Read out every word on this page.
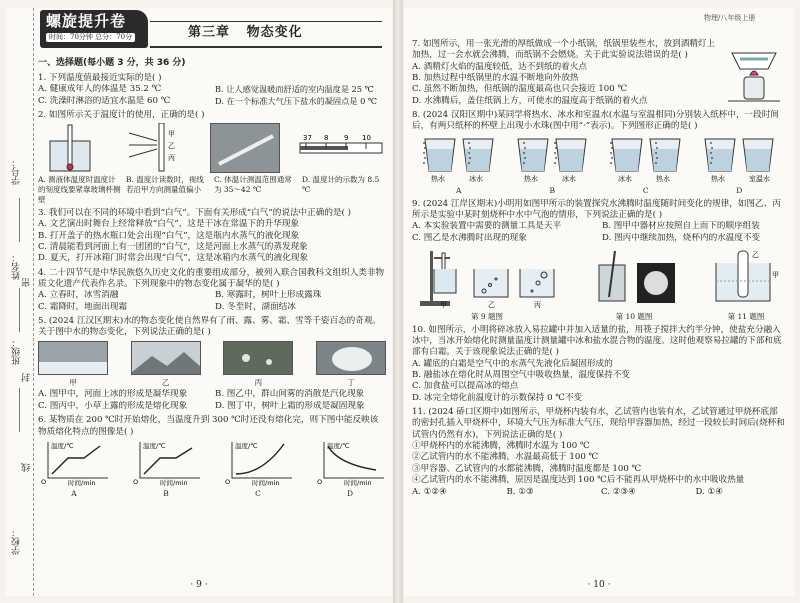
学号：
姓名：
班级：
学校：
密
封
线
螺旋提升卷
时间：70分钟 总分：70分	第三章 物态变化
一、选择题(每小题 3 分，共 36 分)
1. 下列温度值最接近实际的是( )
A. 健康成年人的体温是 35.2 ℃	B. 让人感觉温暖而舒适的室内温度是 25 ℃
C. 洗澡时淋浴的适宜水温是 60 ℃	D. 在一个标准大气压下盐水的凝固点是 0 ℃
2. 如图所示关于温度计的使用，正确的是( )
甲
乙
丙
37 8 9 10
A. 测液体温度时温度计的刻度线要紧靠玻璃杯侧壁
B. 温度计读数时，视线若沿甲方向测量值偏小
C. 体温计测温范围通常为 35～42 ℃
D. 温度计的示数为 8.5 ℃
3. 我们可以在不同的环境中看到“白气”。下面有关形成“白气”的说法中正确的是( )
A. 文艺演出时舞台上经常释放“白气”，这是干冰在常温下的升华现象
B. 打开盖子的热水瓶口处会出现“白气”，这是瓶内水蒸气的液化现象
C. 清晨能看到河面上有一团团的“白气”，这是河面上水蒸气的蒸发现象
D. 夏天，打开冰箱门时常会出现“白气”，这是冰箱内水蒸气的液化现象
4. 二十四节气是中华民族悠久历史文化的重要组成部分，被列入联合国教科文组织人类非物质文化遗产代表作名录。下列现象中的物态变化属于凝华的是( )
A. 立春时，冰雪消融	B. 寒露时，树叶上形成露珠
C. 霜降时，地面出现霜	D. 冬至时，湖面结冰
5. (2024 江汉区期末)水的物态变化使自然界有了雨、露、雾、霜、雪等千姿百态的奇观。关于图中水的物态变化，下列说法正确的是( )
甲	乙	丙	丁
A. 图甲中，河面上冰的形成是凝华现象	B. 图乙中，群山间雾的消散是汽化现象
C. 图丙中，小草上露的形成是熔化现象	D. 图丁中，树叶上霜的形成是凝固现象
6. 某物质在 200 ℃时开始熔化，当温度升到 300 ℃时还没有熔化完，则下图中能反映该物质熔化特点的图像是( )
温度/℃
O	时间/min
A
温度/℃
O	时间/min
B
温度/℃
O	时间/min
C
温度/℃
O	时间/min
D
· 9 ·
物理/八年级上册
7. 如图所示，用一张光滑的厚纸做成一个小纸锅，纸锅里装些水，放到酒精灯上加热，过一会水就会沸腾，而纸锅不会燃烧。关于此实验说法错误的是( )
A. 酒精灯火焰的温度较低，达不到纸的着火点
B. 加热过程中纸锅里的水温不断地向外放热
C. 虽然不断加热，但纸锅的温度最高也只会接近 100 ℃
D. 水沸腾后，盖住纸锅上方，可使水的温度高于纸锅的着火点
8. (2024 汉阳区期中)某同学将热水、冰水和室温水(水温与室温相同)分别装入纸杯中，一段时间后，有两只纸杯的杯壁上出现小水珠(图中用“·”表示)。下列图形正确的是( )
热水	冰水
A
热水	冰水
B
冰水	热水
C
热水	室温水
D
9. (2024 江岸区期末)小明用如图甲所示的装置探究水沸腾时温度随时间变化的规律，如图乙、丙所示是实验中某时刻烧杯中水中气泡的情形，下列说法正确的是( )
A. 本实验装置中需要的测量工具是天平	B. 图甲中器材应按照自上而下的顺序组装
C. 图乙是水沸腾时出现的现象	D. 图丙中继续加热，烧杯内的水温度不变
甲	乙	丙
第 9 题图	第 10 题图
乙
甲
第 11 题图
10. 如图所示，小明将碎冰放入易拉罐中并加入适量的盐，用筷子搅拌大约半分钟，使盐充分融入冰中，当冰开始熔化时测量温度计测量罐中冰和盐水混合物的温度。这时他观察易拉罐的下部和底部有白霜。关于该现象说法正确的是( )
A. 罐底的白霜是空气中的水蒸气先液化后凝固形成的
B. 融盐冰在熔化时从周围空气中吸收热量，温度保持不变
C. 加食盐可以提高冰的熔点
D. 冰完全熔化前温度计的示数保持 0 ℃不变
11. (2024 硚口区期中)如图所示，甲烧杯内装有水，乙试管内也装有水，乙试管通过甲烧杯底部的密封孔插入甲烧杯中，环境大气压为标准大气压，现给甲容器加热，经过一段较长时间后(烧杯和试管内仍然有水)，下列说法正确的是( )
①甲烧杯内的水能沸腾，沸腾时水温为 100 ℃
②乙试管内的水不能沸腾，水温最高低于 100 ℃
③甲容器、乙试管内的水都能沸腾，沸腾时温度都是 100 ℃
④乙试管内的水不能沸腾，原因是温度达到 100 ℃后不能再从甲烧杯中的水中吸收热量
A. ①②④	B. ①③	C. ②③④	D. ①④
· 10 ·
